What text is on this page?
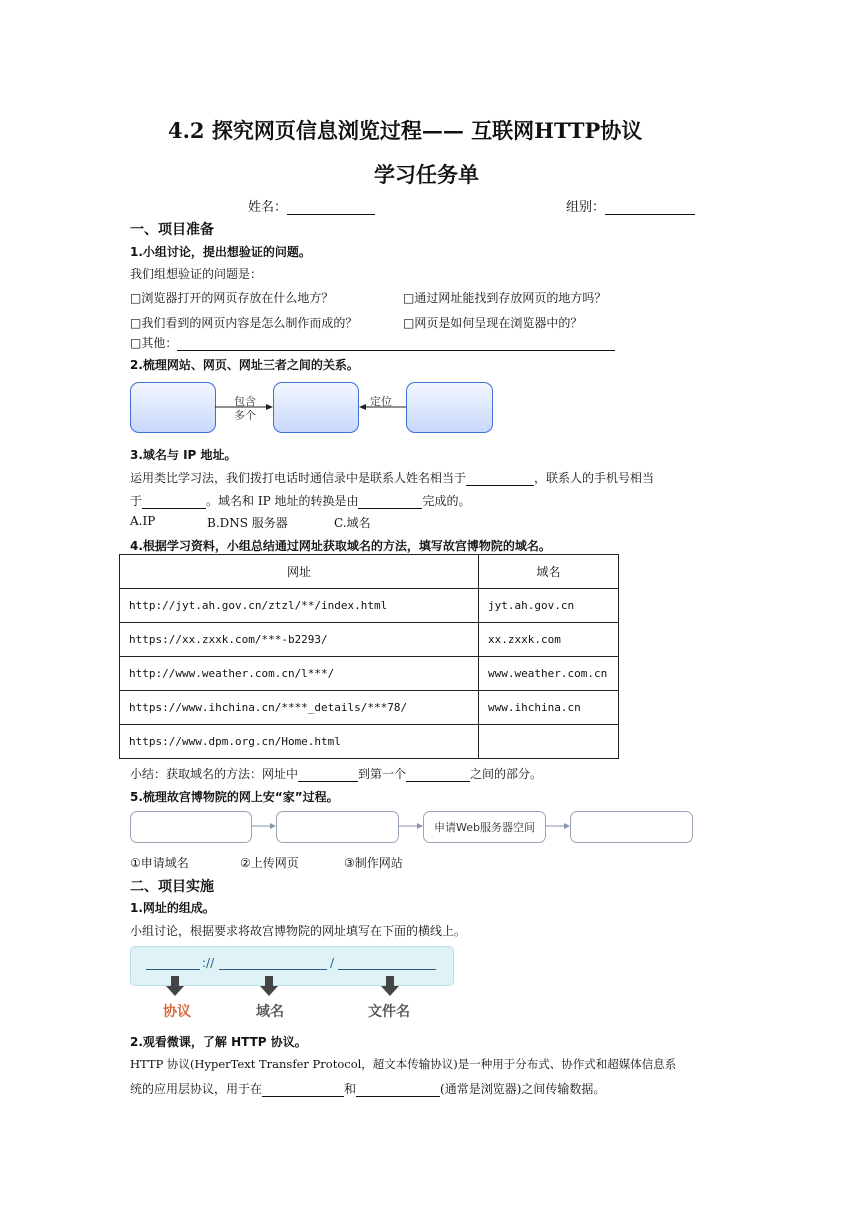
4.2 探究网页信息浏览过程—— 互联网HTTP协议
学习任务单
姓名：	组别：
一、项目准备
1.小组讨论，提出想验证的问题。
我们组想验证的问题是：
□浏览器打开的网页存放在什么地方？	□通过网址能找到存放网页的地方吗？
□我们看到的网页内容是怎么制作而成的？	□网页是如何呈现在浏览器中的？
□其他：
2.梳理网站、网页、网址三者之间的关系。
包含
多个
定位
3.域名与 IP 地址。
运用类比学习法，我们拨打电话时通信录中是联系人姓名相当于	，联系人的手机号相当
于	。域名和 IP 地址的转换是由	完成的。
A.IP	B.DNS 服务器	C.域名
4.根据学习资料，小组总结通过网址获取域名的方法，填写故宫博物院的域名。
网址	域名
http://jyt.ah.gov.cn/ztzl/**/index.html	jyt.ah.gov.cn
https://xx.zxxk.com/***-b2293/	xx.zxxk.com
http://www.weather.com.cn/l***/	www.weather.com.cn
https://www.ihchina.cn/****_details/***78/	www.ihchina.cn
https://www.dpm.org.cn/Home.html	
小结：获取域名的方法：网址中	到第一个	之间的部分。
5.梳理故宫博物院的网上安“家”过程。
申请Web服务器空间
①申请域名	②上传网页	③制作网站
二、项目实施
1.网址的组成。
小组讨论，根据要求将故宫博物院的网址填写在下面的横线上。
://	/
协议	域名	文件名
2.观看微课，了解 HTTP 协议。
HTTP 协议(HyperText Transfer Protocol，超文本传输协议)是一种用于分布式、协作式和超媒体信息系
统的应用层协议，用于在	和	(通常是浏览器)之间传输数据。
